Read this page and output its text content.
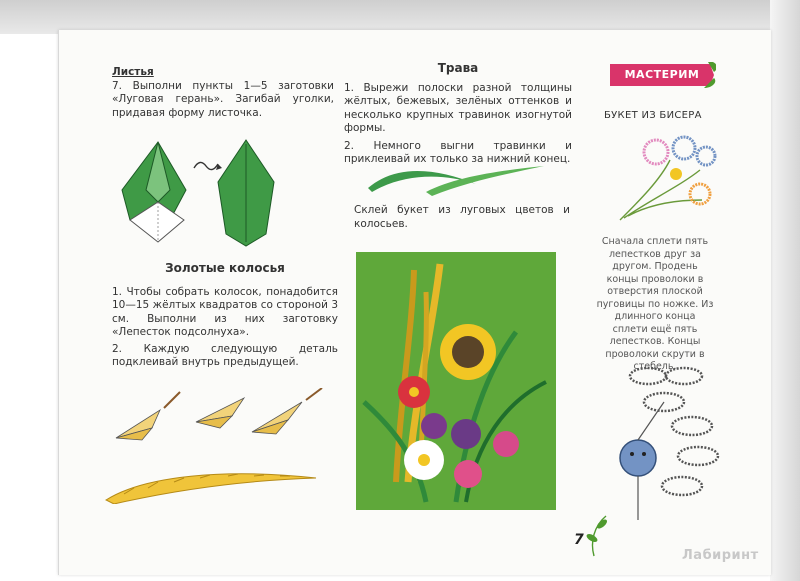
Листья
7. Выполни пункты 1—5 заготовки «Луговая герань». Загибай уголки, придавая форму листочка.
Золотые колосья
1. Чтобы собрать колосок, понадобится 10—15 жёлтых квадратов со стороной 3 см. Выполни из них заготовку «Лепесток подсолнуха».
2. Каждую следующую деталь подклеивай внутрь предыдущей.
Трава
1. Вырежи полоски разной толщины жёлтых, бежевых, зелёных оттенков и несколько крупных травинок изогнутой формы.
2. Немного выгни травинки и приклеивай их только за нижний конец.
Склей букет из луговых цветов и колосьев.
МАСТЕРИМ
БУКЕТ ИЗ БИСЕРА
Сначала сплети пять лепестков друг за другом. Продень концы проволоки в отверстия плоской пуговицы по ножке. Из длинного конца сплети ещё пять лепестков. Концы проволоки скрути в стебель.
7
Лабиринт
